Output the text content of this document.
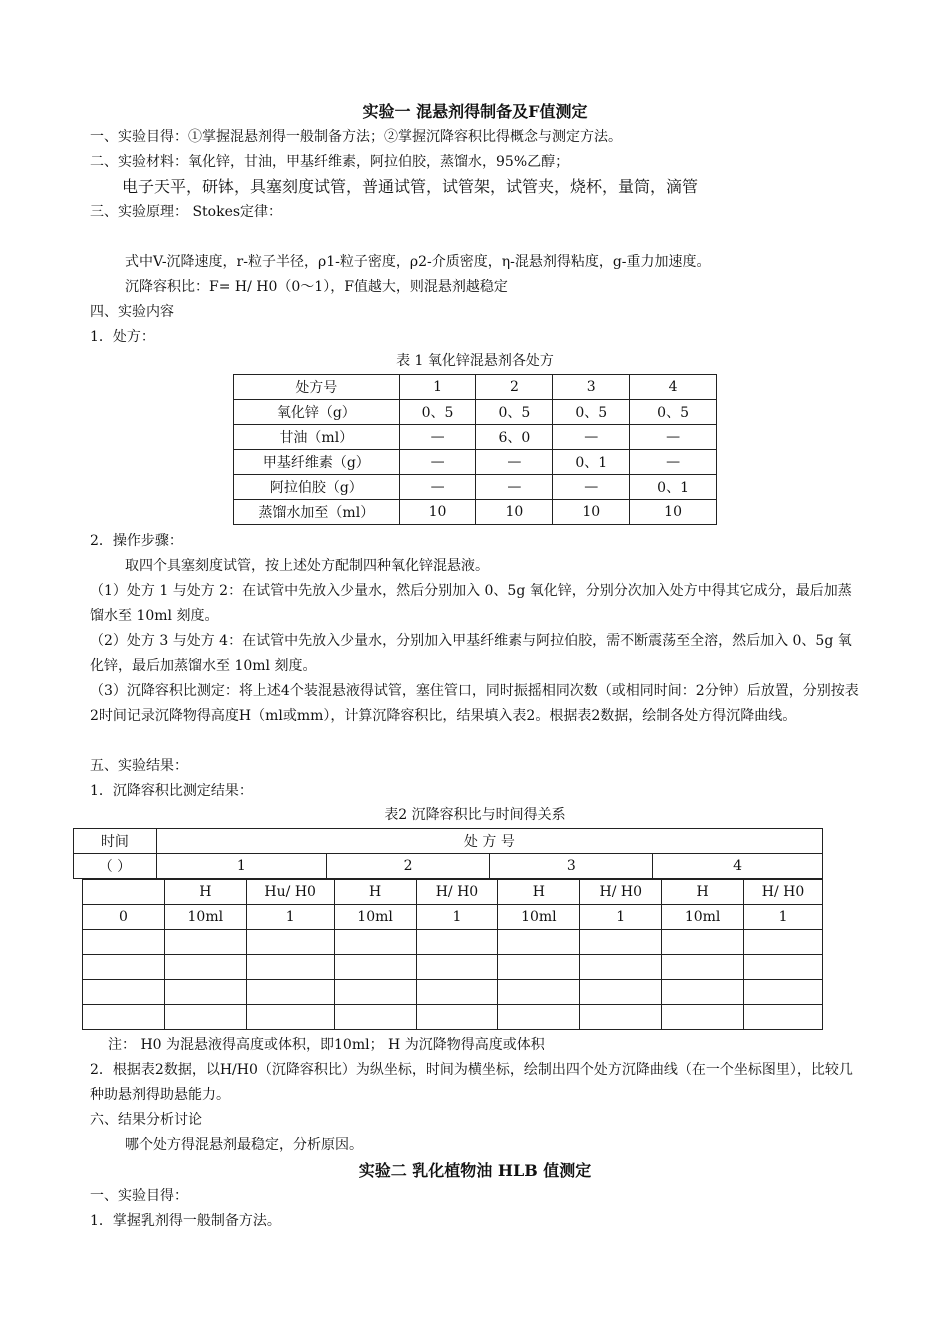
实验一 混悬剂得制备及F值测定
一、实验目得：①掌握混悬剂得一般制备方法；②掌握沉降容积比得概念与测定方法。
二、实验材料：氧化锌，甘油，甲基纤维素，阿拉伯胶，蒸馏水，95%乙醇；
电子天平，研钵，具塞刻度试管，普通试管，试管架，试管夹，烧杯，量筒，滴管
三、实验原理： Stokes定律：
式中V-沉降速度，r-粒子半径，ρ1-粒子密度，ρ2-介质密度，η-混悬剂得粘度，g-重力加速度。
沉降容积比：F= H/ H0（0～1），F值越大，则混悬剂越稳定
四、实验内容
1．处方：
表 1 氧化锌混悬剂各处方
处方号	1	2	3	4
氧化锌（g）	0、5	0、5	0、5	0、5
甘油（ml）	—	6、0	—	—
甲基纤维素（g）	—	—	0、1	—
阿拉伯胶（g）	—	—	—	0、1
蒸馏水加至（ml）	10	10	10	10
2．操作步骤：
取四个具塞刻度试管，按上述处方配制四种氧化锌混悬液。
（1）处方 1 与处方 2：在试管中先放入少量水，然后分别加入 0、5g 氧化锌，分别分次加入处方中得其它成分，最后加蒸馏水至 10ml 刻度。
（2）处方 3 与处方 4：在试管中先放入少量水，分别加入甲基纤维素与阿拉伯胶，需不断震荡至全溶，然后加入 0、5g 氧化锌，最后加蒸馏水至 10ml 刻度。
（3）沉降容积比测定：将上述4个装混悬液得试管，塞住管口，同时振摇相同次数（或相同时间：2分钟）后放置，分别按表2时间记录沉降物得高度H（ml或mm），计算沉降容积比，结果填入表2。根据表2数据，绘制各处方得沉降曲线。
五、实验结果：
1．沉降容积比测定结果：
表2 沉降容积比与时间得关系
时间	处 方 号			
（ ）	1	2	3	4
	H	Hu/ H0	H	H/ H0	H	H/ H0	H	H/ H0
0	10ml	1	10ml	1	10ml	1	10ml	1

注： H0 为混悬液得高度或体积，即10ml； H 为沉降物得高度或体积
2．根据表2数据，以H/H0（沉降容积比）为纵坐标，时间为横坐标，绘制出四个处方沉降曲线（在一个坐标图里），比较几种助悬剂得助悬能力。
六、结果分析讨论
哪个处方得混悬剂最稳定，分析原因。
实验二 乳化植物油 HLB 值测定
一、实验目得：
1．掌握乳剂得一般制备方法。
